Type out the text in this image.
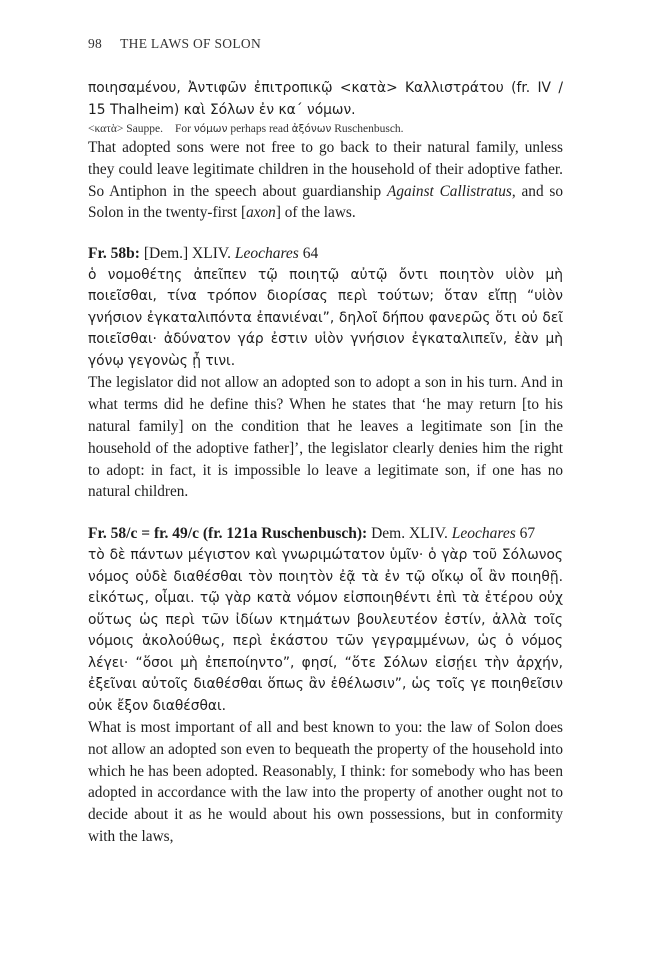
98 THE LAWS OF SOLON

ποιησαμένου, Ἀντιφῶν ἐπιτροπικῷ <κατὰ> Καλλιστράτου (fr. IV / 15 Thalheim) καὶ Σόλων ἐν κα΄ νόμων.

<κατὰ> Sauppe. For νόμων perhaps read ἀξόνων Ruschenbusch.

That adopted sons were not free to go back to their natural family, unless they could leave legitimate children in the household of their adoptive father. So Antiphon in the speech about guardianship Against Callistratus, and so Solon in the twenty-first [axon] of the laws.

Fr. 58b: [Dem.] XLIV. Leochares 64

ὁ νομοθέτης ἀπεῖπεν τῷ ποιητῷ αὐτῷ ὄντι ποιητὸν υἱὸν μὴ ποιεῖσθαι, τίνα τρόπον διορίσας περὶ τούτων; ὅταν εἴπῃ “υἱὸν γνήσιον ἐγκαταλιπόντα ἐπανιέναι”, δηλοῖ δήπου φανερῶς ὅτι οὐ δεῖ ποιεῖσθαι· ἀδύνατον γάρ ἐστιν υἱὸν γνήσιον ἐγκαταλιπεῖν, ἐὰν μὴ γόνῳ γεγονὼς ᾖ τινι.

The legislator did not allow an adopted son to adopt a son in his turn. And in what terms did he define this? When he states that ‘he may return [to his natural family] on the condition that he leaves a legitimate son [in the household of the adoptive father]’, the legislator clearly denies him the right to adopt: in fact, it is impossible lo leave a legitimate son, if one has no natural children.

Fr. 58/c = fr. 49/c (fr. 121a Ruschenbusch): Dem. XLIV. Leochares 67

τὸ δὲ πάντων μέγιστον καὶ γνωριμώτατον ὑμῖν· ὁ γὰρ τοῦ Σόλωνος νόμος οὐδὲ διαθέσθαι τὸν ποιητὸν ἐᾷ τὰ ἐν τῷ οἴκῳ οἷ ἂν ποιηθῇ. εἰκότως, οἶμαι. τῷ γὰρ κατὰ νόμον εἰσποιηθέντι ἐπὶ τὰ ἑτέρου οὐχ οὕτως ὡς περὶ τῶν ἰδίων κτημάτων βουλευτέον ἐστίν, ἀλλὰ τοῖς νόμοις ἀκολούθως, περὶ ἑκάστου τῶν γεγραμμένων, ὡς ὁ νόμος λέγει· “ὅσοι μὴ ἐπεποίηντο”, φησί, “ὅτε Σόλων εἰσῄει τὴν ἀρχήν, ἐξεῖναι αὐτοῖς διαθέσθαι ὅπως ἂν ἐθέλωσιν”, ὡς τοῖς γε ποιηθεῖσιν οὐκ ἔξον διαθέσθαι.

What is most important of all and best known to you: the law of Solon does not allow an adopted son even to bequeath the property of the household into which he has been adopted. Reasonably, I think: for somebody who has been adopted in accordance with the law into the property of another ought not to decide about it as he would about his own possessions, but in conformity with the laws,
